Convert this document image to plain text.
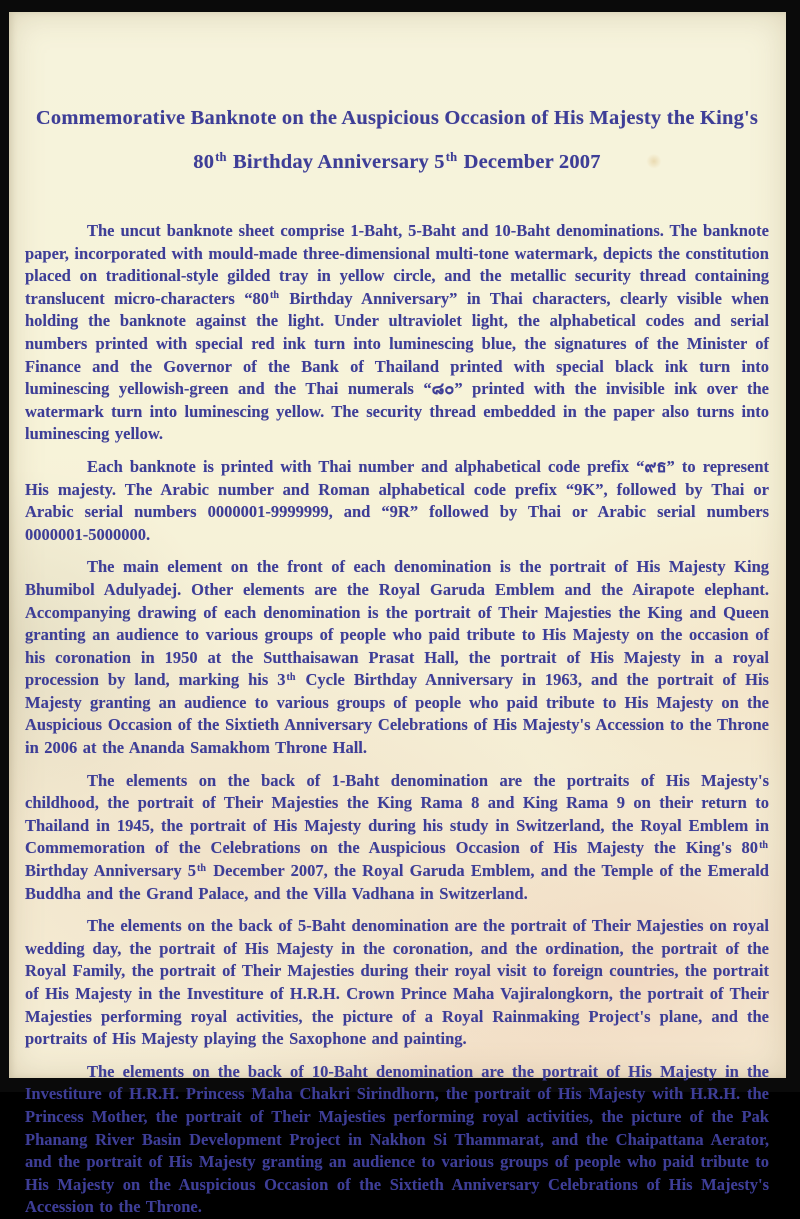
Commemorative Banknote on the Auspicious Occasion of His Majesty the King's
80th Birthday Anniversary 5th December 2007

The uncut banknote sheet comprise 1-Baht, 5-Baht and 10-Baht denominations. The banknote paper, incorporated with mould-made three-dimensional multi-tone watermark, depicts the constitution placed on traditional-style gilded tray in yellow circle, and the metallic security thread containing translucent micro-characters “80th Birthday Anniversary” in Thai characters, clearly visible when holding the banknote against the light. Under ultraviolet light, the alphabetical codes and serial numbers printed with special red ink turn into luminescing blue, the signatures of the Minister of Finance and the Governor of the Bank of Thailand printed with special black ink turn into luminescing yellowish-green and the Thai numerals “๘๐” printed with the invisible ink over the watermark turn into luminescing yellow. The security thread embedded in the paper also turns into luminescing yellow.

Each banknote is printed with Thai number and alphabetical code prefix “๙ธ” to represent His majesty. The Arabic number and Roman alphabetical code prefix “9K”, followed by Thai or Arabic serial numbers 0000001-9999999, and “9R” followed by Thai or Arabic serial numbers 0000001-5000000.

The main element on the front of each denomination is the portrait of His Majesty King Bhumibol Adulyadej. Other elements are the Royal Garuda Emblem and the Airapote elephant. Accompanying drawing of each denomination is the portrait of Their Majesties the King and Queen granting an audience to various groups of people who paid tribute to His Majesty on the occasion of his coronation in 1950 at the Sutthaisawan Prasat Hall, the portrait of His Majesty in a royal procession by land, marking his 3th Cycle Birthday Anniversary in 1963, and the portrait of His Majesty granting an audience to various groups of people who paid tribute to His Majesty on the Auspicious Occasion of the Sixtieth Anniversary Celebrations of His Majesty's Accession to the Throne in 2006 at the Ananda Samakhom Throne Hall.

The elements on the back of 1-Baht denomination are the portraits of His Majesty's childhood, the portrait of Their Majesties the King Rama 8 and King Rama 9 on their return to Thailand in 1945, the portrait of His Majesty during his study in Switzerland, the Royal Emblem in Commemoration of the Celebrations on the Auspicious Occasion of His Majesty the King's 80th Birthday Anniversary 5th December 2007, the Royal Garuda Emblem, and the Temple of the Emerald Buddha and the Grand Palace, and the Villa Vadhana in Switzerland.

The elements on the back of 5-Baht denomination are the portrait of Their Majesties on royal wedding day, the portrait of His Majesty in the coronation, and the ordination, the portrait of the Royal Family, the portrait of Their Majesties during their royal visit to foreign countries, the portrait of His Majesty in the Investiture of H.R.H. Crown Prince Maha Vajiralongkorn, the portrait of Their Majesties performing royal activities, the picture of a Royal Rainmaking Project's plane, and the portraits of His Majesty playing the Saxophone and painting.

The elements on the back of 10-Baht denomination are the portrait of His Majesty in the Investiture of H.R.H. Princess Maha Chakri Sirindhorn, the portrait of His Majesty with H.R.H. the Princess Mother, the portrait of Their Majesties performing royal activities, the picture of the Pak Phanang River Basin Development Project in Nakhon Si Thammarat, and the Chaipattana Aerator, and the portrait of His Majesty granting an audience to various groups of people who paid tribute to His Majesty on the Auspicious Occasion of the Sixtieth Anniversary Celebrations of His Majesty's Accession to the Throne.
